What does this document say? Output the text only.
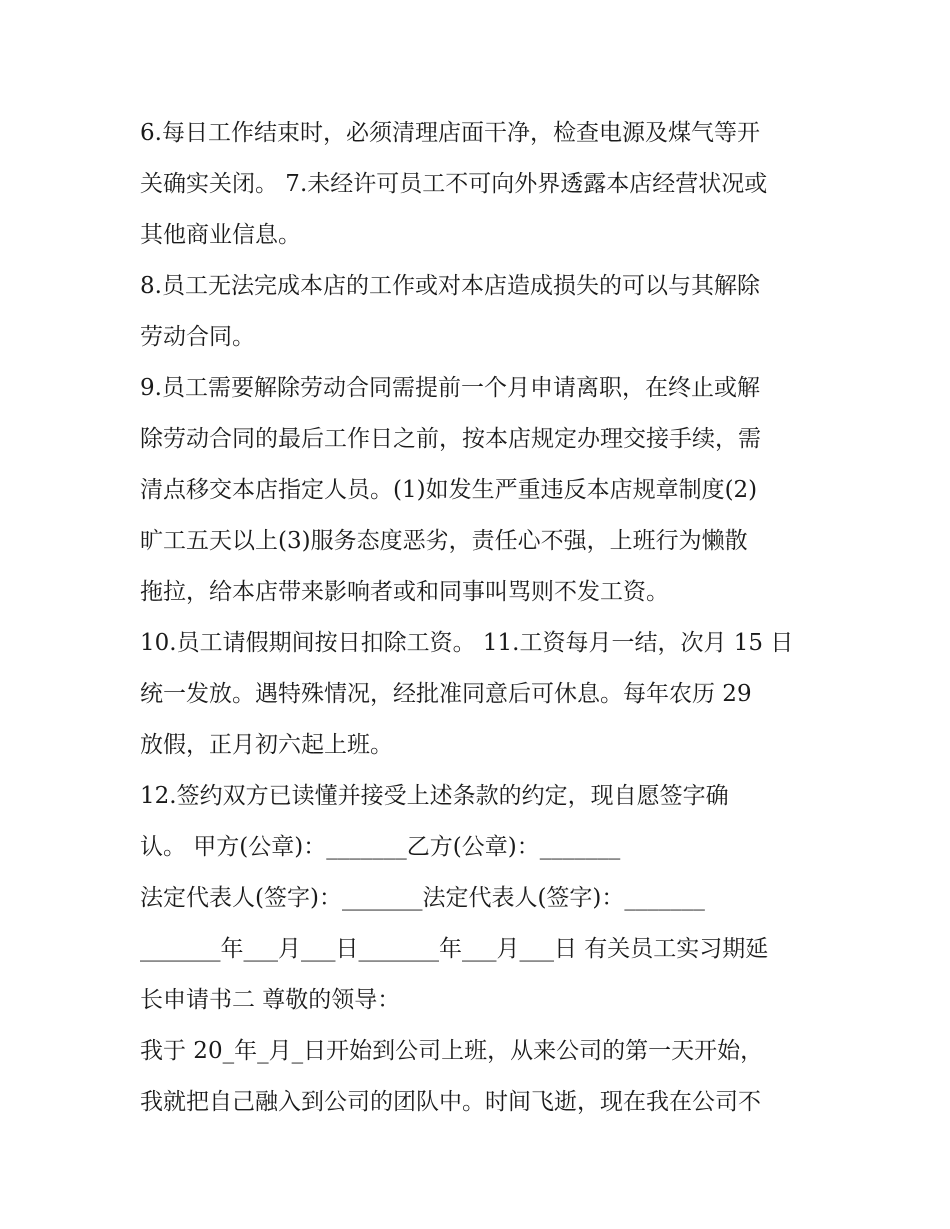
6.每日工作结束时，必须清理店面干净，检查电源及煤气等开
关确实关闭。 7.未经许可员工不可向外界透露本店经营状况或
其他商业信息。
8.员工无法完成本店的工作或对本店造成损失的可以与其解除
劳动合同。
9.员工需要解除劳动合同需提前一个月申请离职，在终止或解
除劳动合同的最后工作日之前，按本店规定办理交接手续，需
清点移交本店指定人员。(1)如发生严重违反本店规章制度(2)
旷工五天以上(3)服务态度恶劣，责任心不强，上班行为懒散
拖拉，给本店带来影响者或和同事叫骂则不发工资。
10.员工请假期间按日扣除工资。 11.工资每月一结，次月 15 日
统一发放。遇特殊情况，经批准同意后可休息。每年农历 29
放假，正月初六起上班。
12.签约双方已读懂并接受上述条款的约定，现自愿签字确
认。 甲方(公章)：_______乙方(公章)：_______
法定代表人(签字)：_______法定代表人(签字)：_______
_______年___月___日_______年___月___日 有关员工实习期延
长申请书二 尊敬的领导：
我于 20_年_月_日开始到公司上班，从来公司的第一天开始，
我就把自己融入到公司的团队中。时间飞逝，现在我在公司不
